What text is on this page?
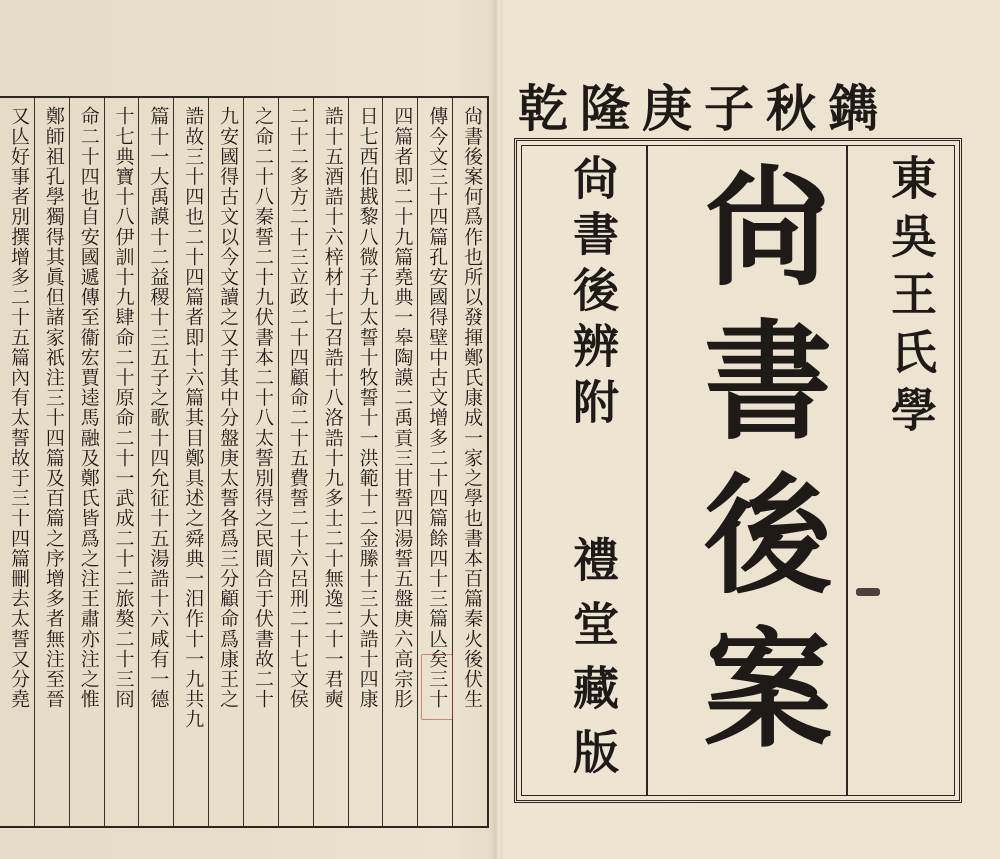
尙書後案何爲作也所以發揮鄭氏康成一家之學也書本百篇秦火後伏生
傳今文三十四篇孔安國得壁中古文增多二十四篇餘四十三篇亾矣三十
四篇者即二十九篇堯典一皋陶謨二禹貢三甘誓四湯誓五盤庚六高宗肜
日七西伯戡黎八微子九太誓十牧誓十一洪範十二金縢十三大誥十四康
誥十五酒誥十六梓材十七召誥十八洛誥十九多士二十無逸二十一君奭
二十二多方二十三立政二十四顧命二十五費誓二十六呂刑二十七文侯
之命二十八秦誓二十九伏書本二十八太誓別得之民間合于伏書故二十
九安國得古文以今文讀之又于其中分盤庚太誓各爲三分顧命爲康王之
誥故三十四也二十四篇者即十六篇其目鄭具述之舜典一汨作十一九共九
篇十一大禹謨十二益稷十三五子之歌十四允征十五湯誥十六咸有一德
十七典寶十八伊訓十九肆命二十原命二十一武成二十二旅獒二十三冏
命二十四也自安國遞傳至衞宏賈逵馬融及鄭氏皆爲之注王肅亦注之惟
鄭師祖孔學獨得其眞但諸家祇注三十四篇及百篇之序增多者無注至晉
又亾好事者別撰增多二十五篇內有太誓故于三十四篇刪去太誓又分堯	乾隆庚子秋鐫
東吳王氏學
尙書後案
尙書後辨附
禮堂藏版
